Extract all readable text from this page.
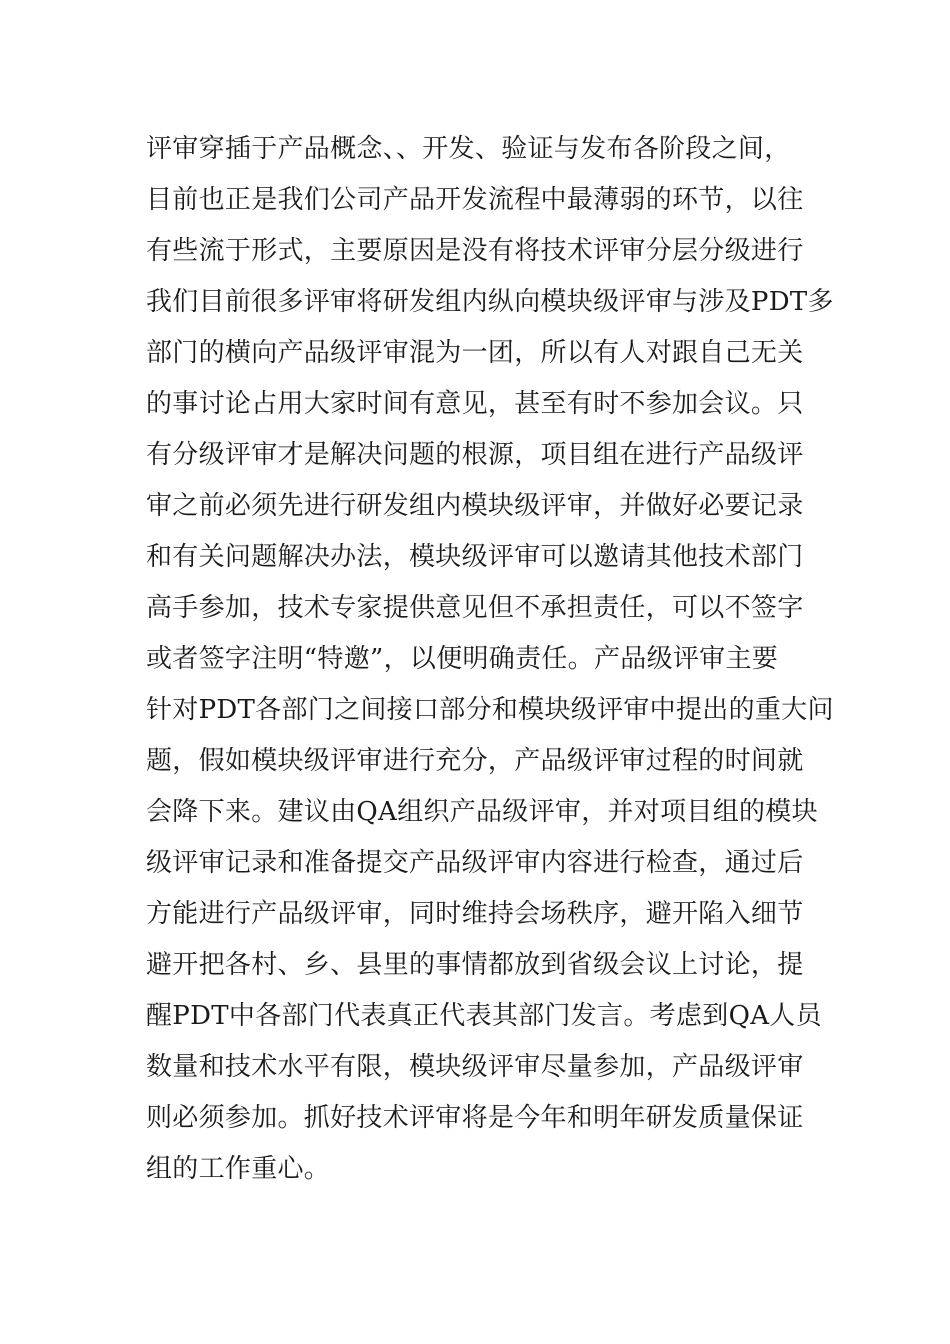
评审穿插于产品概念、、开发、验证与发布各阶段之间，
目前也正是我们公司产品开发流程中最薄弱的环节，以往
有些流于形式，主要原因是没有将技术评审分层分级进行
我们目前很多评审将研发组内纵向模块级评审与涉及PDT多
部门的横向产品级评审混为一团，所以有人对跟自己无关
的事讨论占用大家时间有意见，甚至有时不参加会议。只
有分级评审才是解决问题的根源，项目组在进行产品级评
审之前必须先进行研发组内模块级评审，并做好必要记录
和有关问题解决办法，模块级评审可以邀请其他技术部门
高手参加，技术专家提供意见但不承担责任，可以不签字
或者签字注明“特邀”，以便明确责任。产品级评审主要
针对PDT各部门之间接口部分和模块级评审中提出的重大问
题，假如模块级评审进行充分，产品级评审过程的时间就
会降下来。建议由QA组织产品级评审，并对项目组的模块
级评审记录和准备提交产品级评审内容进行检查，通过后
方能进行产品级评审，同时维持会场秩序，避开陷入细节
避开把各村、乡、县里的事情都放到省级会议上讨论，提
醒PDT中各部门代表真正代表其部门发言。考虑到QA人员
数量和技术水平有限，模块级评审尽量参加，产品级评审
则必须参加。抓好技术评审将是今年和明年研发质量保证
组的工作重心。
